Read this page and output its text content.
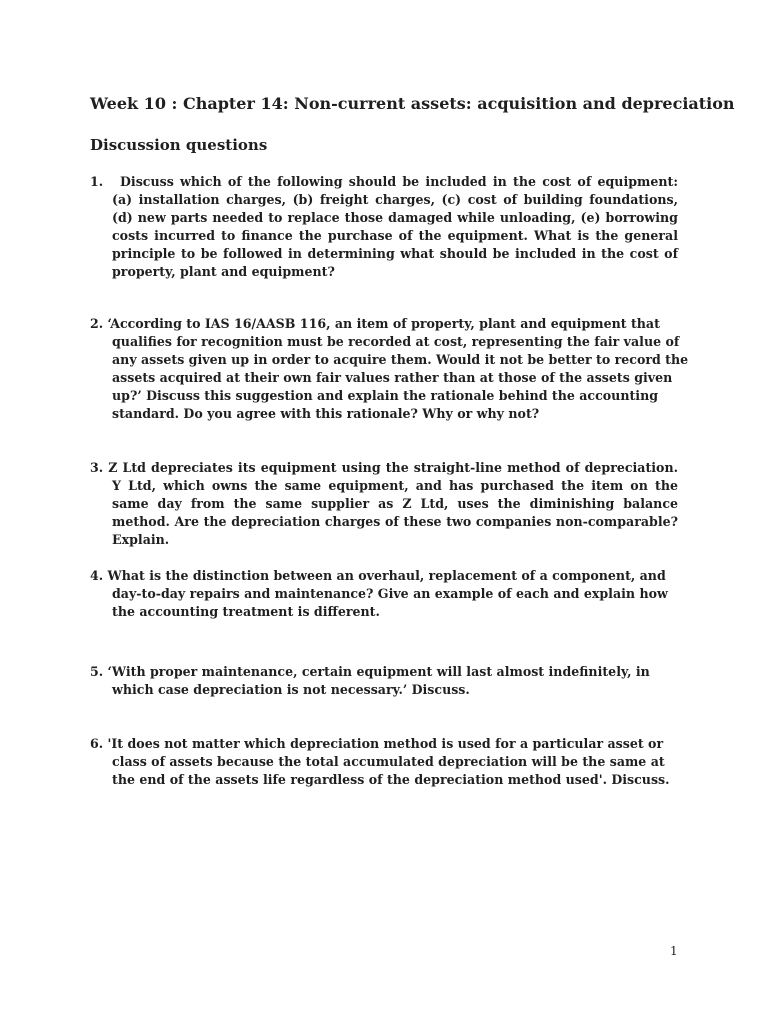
Week 10 : Chapter 14: Non-current assets: acquisition and depreciation
Discussion questions

1. Discuss which of the following should be included in the cost of equipment: (a) installation charges, (b) freight charges, (c) cost of building foundations, (d) new parts needed to replace those damaged while unloading, (e) borrowing costs incurred to finance the purchase of the equipment. What is the general principle to be followed in determining what should be included in the cost of property, plant and equipment?

2. ‘According to IAS 16/AASB 116, an item of property, plant and equipment that qualifies for recognition must be recorded at cost, representing the fair value of any assets given up in order to acquire them. Would it not be better to record the assets acquired at their own fair values rather than at those of the assets given up?’ Discuss this suggestion and explain the rationale behind the accounting standard. Do you agree with this rationale? Why or why not?

3. Z Ltd depreciates its equipment using the straight-line method of depreciation. Y Ltd, which owns the same equipment, and has purchased the item on the same day from the same supplier as Z Ltd, uses the diminishing balance method. Are the depreciation charges of these two companies non-comparable? Explain.

4. What is the distinction between an overhaul, replacement of a component, and day-to-day repairs and maintenance? Give an example of each and explain how the accounting treatment is different.

5. ‘With proper maintenance, certain equipment will last almost indefinitely, in which case depreciation is not necessary.’ Discuss.

6. 'It does not matter which depreciation method is used for a particular asset or class of assets because the total accumulated depreciation will be the same at the end of the assets life regardless of the depreciation method used'. Discuss.

1
